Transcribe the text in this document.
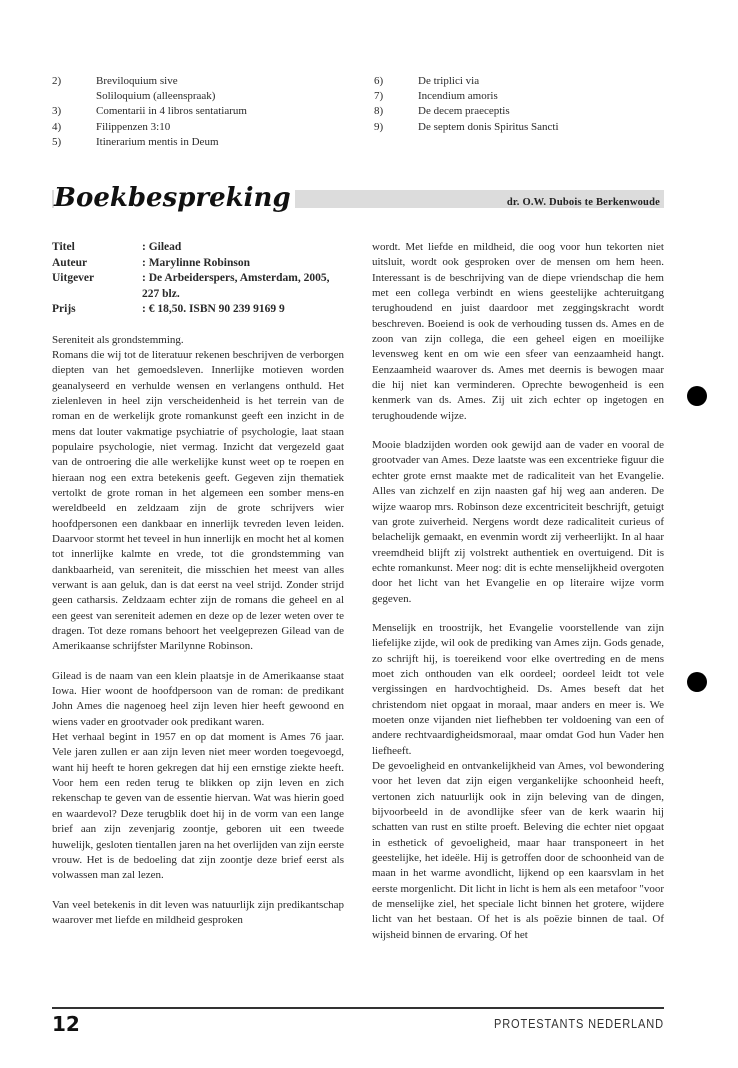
2)	Breviloquium sive
Soliloquium (alleenspraak)
3)	Comentarii in 4 libros sentatiarum
4)	Filippenzen 3:10
5)	Itinerarium mentis in Deum
6)	De triplici via
7)	Incendium amoris
8)	De decem praeceptis
9)	De septem donis Spiritus Sancti
Boekbespreking	dr. O.W. Dubois te Berkenwoude
Titel	: Gilead
Auteur	: Marylinne Robinson
Uitgever	: De Arbeiderspers, Amsterdam, 2005, 227 blz.
Prijs	: € 18,50. ISBN 90 239 9169 9

Sereniteit als grondstemming.

Romans die wij tot de literatuur rekenen beschrijven de verborgen diepten van het gemoedsleven. Innerlijke motieven worden geanalyseerd en verhulde wensen en verlangens onthuld. Het zielenleven in heel zijn verscheidenheid is het terrein van de roman en de werkelijk grote romankunst geeft een inzicht in de mens dat louter vakmatige psychiatrie of psychologie, laat staan populaire psychologie, niet vermag. Inzicht dat vergezeld gaat van de ontroering die alle werkelijke kunst weet op te roepen en hieraan nog een extra betekenis geeft. Gegeven zijn thematiek vertolkt de grote roman in het algemeen een somber mens-en wereldbeeld en zeldzaam zijn de grote schrijvers wier hoofdpersonen een dankbaar en innerlijk tevreden leven leiden. Daarvoor stormt het teveel in hun innerlijk en mocht het al komen tot innerlijke kalmte en vrede, tot die grondstemming van dankbaarheid, van sereniteit, die misschien het meest van alles verwant is aan geluk, dan is dat eerst na veel strijd. Zonder strijd geen catharsis. Zeldzaam echter zijn de romans die geheel en al een geest van sereniteit ademen en deze op de lezer weten over te dragen. Tot deze romans behoort het veelgeprezen Gilead van de Amerikaanse schrijfster Marilynne Robinson.

Gilead is de naam van een klein plaatsje in de Amerikaanse staat Iowa. Hier woont de hoofdpersoon van de roman: de predikant John Ames die nagenoeg heel zijn leven hier heeft gewoond en wiens vader en grootvader ook predikant waren.

Het verhaal begint in 1957 en op dat moment is Ames 76 jaar. Vele jaren zullen er aan zijn leven niet meer worden toegevoegd, want hij heeft te horen gekregen dat hij een ernstige ziekte heeft. Voor hem een reden terug te blikken op zijn leven en zich rekenschap te geven van de essentie hiervan. Wat was hierin goed en waardevol? Deze terugblik doet hij in de vorm van een lange brief aan zijn zevenjarig zoontje, geboren uit een tweede huwelijk, gesloten tientallen jaren na het overlijden van zijn eerste vrouw. Het is de bedoeling dat zijn zoontje deze brief eerst als volwassen man zal lezen.

Van veel betekenis in dit leven was natuurlijk zijn predikantschap waarover met liefde en mildheid gesproken

wordt. Met liefde en mildheid, die oog voor hun tekorten niet uitsluit, wordt ook gesproken over de mensen om hem heen. Interessant is de beschrijving van de diepe vriendschap die hem met een collega verbindt en wiens geestelijke achteruitgang terughoudend en juist daardoor met zeggingskracht wordt beschreven. Boeiend is ook de verhouding tussen ds. Ames en de zoon van zijn collega, die een geheel eigen en moeilijke levensweg kent en om wie een sfeer van eenzaamheid hangt. Eenzaamheid waarover ds. Ames met deernis is bewogen maar die hij niet kan verminderen. Oprechte bewogenheid is een kenmerk van ds. Ames. Zij uit zich echter op ingetogen en terughoudende wijze.

Mooie bladzijden worden ook gewijd aan de vader en vooral de grootvader van Ames. Deze laatste was een excentrieke figuur die echter grote ernst maakte met de radicaliteit van het Evangelie. Alles van zichzelf en zijn naasten gaf hij weg aan anderen. De wijze waarop mrs. Robinson deze excentriciteit beschrijft, getuigt van grote zuiverheid. Nergens wordt deze radicaliteit curieus of belachelijk gemaakt, en evenmin wordt zij verheerlijkt. In al haar vreemdheid blijft zij volstrekt authentiek en overtuigend. Dit is echte romankunst. Meer nog: dit is echte menselijkheid overgoten door het licht van het Evangelie en op literaire wijze vorm gegeven.

Menselijk en troostrijk, het Evangelie voorstellende van zijn liefelijke zijde, wil ook de prediking van Ames zijn. Gods genade, zo schrijft hij, is toereikend voor elke overtreding en de mens moet zich onthouden van elk oordeel; oordeel leidt tot vele vergissingen en hardvochtigheid. Ds. Ames beseft dat het christendom niet opgaat in moraal, maar anders en meer is. We moeten onze vijanden niet liefhebben ter voldoening van een of andere rechtvaardigheidsmoraal, maar omdat God hun Vader hen liefheeft.

De gevoeligheid en ontvankelijkheid van Ames, vol bewondering voor het leven dat zijn eigen vergankelijke schoonheid heeft, vertonen zich natuurlijk ook in zijn beleving van de dingen, bijvoorbeeld in de avondlijke sfeer van de kerk waarin hij schatten van rust en stilte proeft. Beleving die echter niet opgaat in esthetick of gevoeligheid, maar haar transponeert in het geestelijke, het ideële. Hij is getroffen door de schoonheid van de maan in het warme avondlicht, lijkend op een kaarsvlam in het eerste morgenlicht. Dit licht in licht is hem als een metafoor "voor de menselijke ziel, het speciale licht binnen het grotere, wijdere licht van het bestaan. Of het is als poëzie binnen de taal. Of wijsheid binnen de ervaring. Of het

12	PROTESTANTS NEDERLAND
